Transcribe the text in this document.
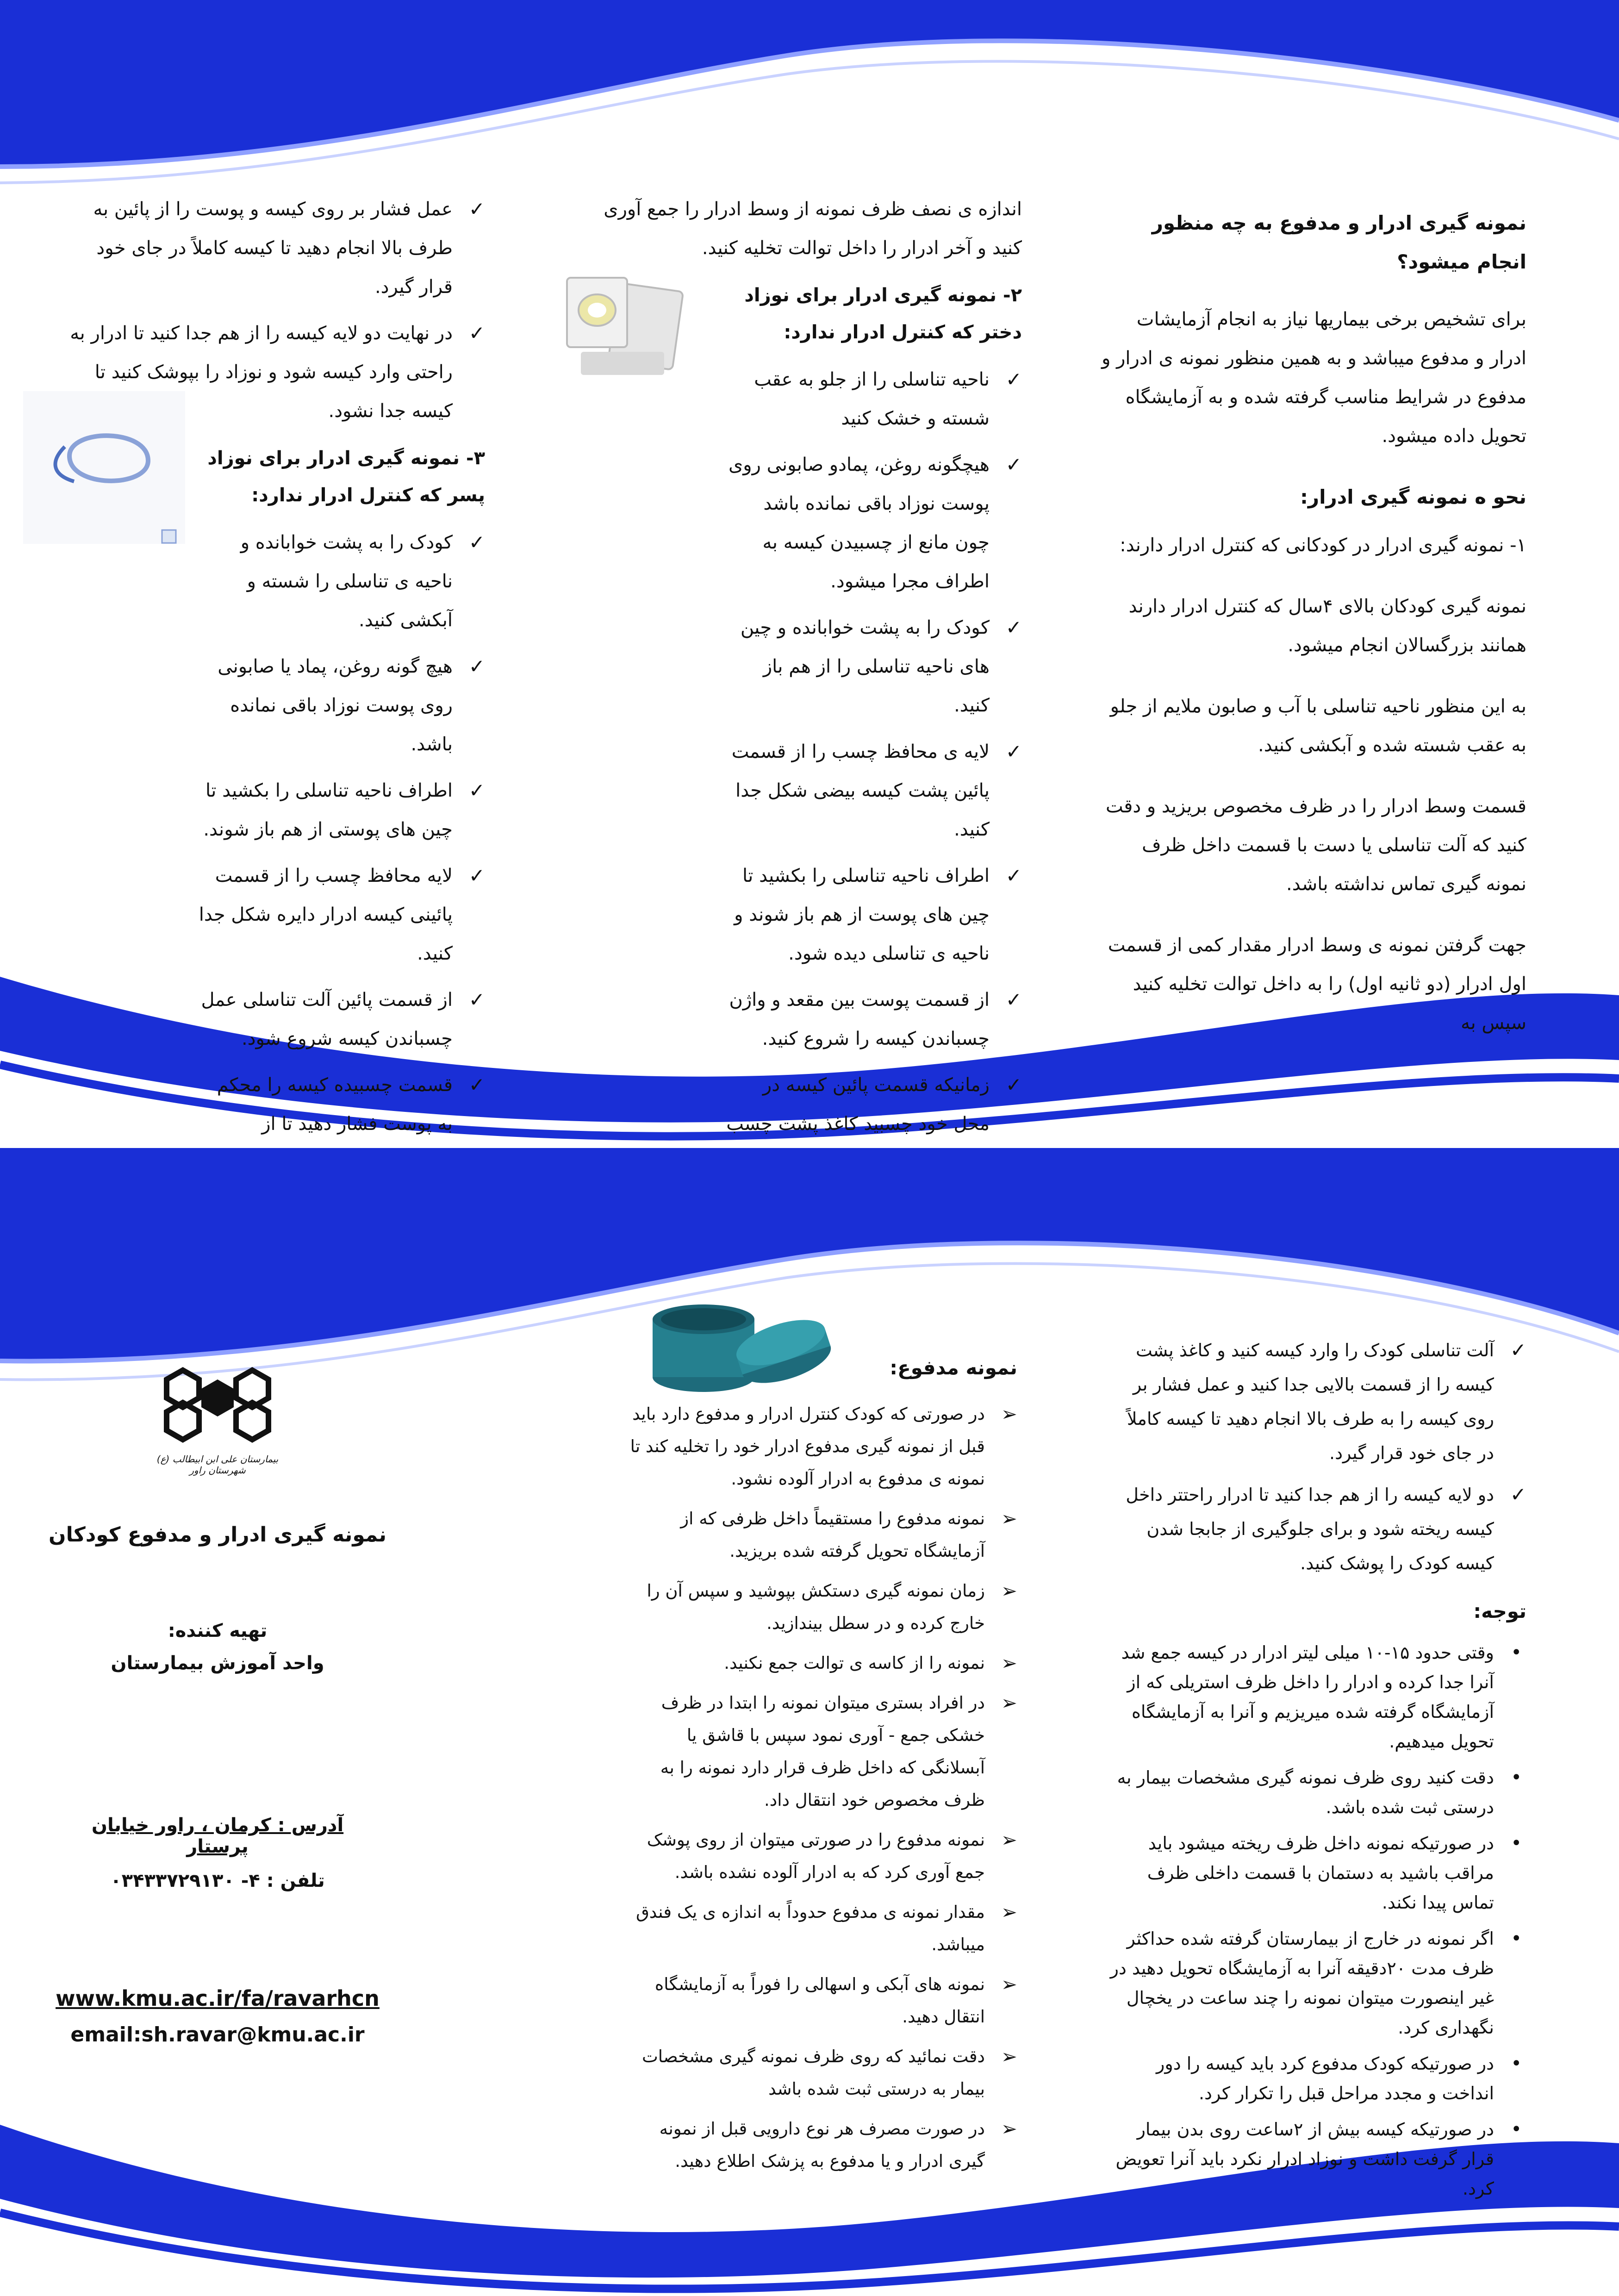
نمونه گیری ادرار و مدفوع به چه منظور انجام میشود؟

برای تشخیص برخی بیماریها نیاز به انجام آزمایشات ادرار و مدفوع میباشد و به همین منظور نمونه ی ادرار و مدفوع در شرایط مناسب گرفته شده و به آزمایشگاه تحویل داده میشود.

نحو ه نمونه گیری ادرار:

۱- نمونه گیری ادرار در کودکانی که کنترل ادرار دارند:

نمونه گیری کودکان بالای ۴سال که کنترل ادرار دارند همانند بزرگسالان انجام میشود.

به این منظور ناحیه تناسلی با آب و صابون ملایم از جلو به عقب شسته شده و آبکشی کنید.

قسمت وسط ادرار را در ظرف مخصوص بریزید و دقت کنید که آلت تناسلی یا دست با قسمت داخل ظرف نمونه گیری تماس نداشته باشد.

جهت گرفتن نمونه ی وسط ادرار مقدار کمی از قسمت اول ادرار (دو ثانیه اول) را به داخل توالت تخلیه کنید سپس به

اندازه ی نصف ظرف نمونه از وسط ادرار را جمع آوری کنید و آخر ادرار را داخل توالت تخلیه کنید.

۲- نمونه گیری ادرار برای نوزاد دختر که کنترل ادرار ندارد:
✓
ناحیه تناسلی را از جلو به عقب شسته و خشک کنید
✓
هیچگونه روغن، پمادو صابونی روی پوست نوزاد باقی نمانده باشد چون مانع از چسبیدن کیسه به اطراف مجرا میشود.
✓
کودک را به پشت خوابانده و چین های ناحیه تناسلی را از هم باز کنید.
✓
لایه ی محافظ چسب را از قسمت پائین پشت کیسه بیضی شکل جدا کنید.
✓
اطراف ناحیه تناسلی را بکشید تا چین های پوست از هم باز شوند و ناحیه ی تناسلی دیده شود.
✓
از قسمت پوست بین مقعد و واژن چسباندن کیسه را شروع کنید.
✓
زمانیکه قسمت پائین کیسه در محل خود چسبید کاغذ پشت چسب
✓
عمل فشار بر روی کیسه و پوست را از پائین به طرف بالا انجام دهید تا کیسه کاملاً در جای خود قرار گیرد.
✓
در نهایت دو لایه کیسه را از هم جدا کنید تا ادرار به راحتی وارد کیسه شود و نوزاد را بپوشک کنید تا کیسه جدا نشود.
۳- نمونه گیری ادرار برای نوزاد پسر که کنترل ادرار ندارد:
✓
کودک را به پشت خوابانده و ناحیه ی تناسلی را شسته و آبکشی کنید.
✓
هیچ گونه روغن، پماد یا صابونی روی پوست نوزاد باقی نمانده باشد.
✓
اطراف ناحیه تناسلی را بکشید تا چین های پوستی از هم باز شوند.
✓
لایه محافظ چسب را از قسمت پائینی کیسه ادرار دایره شکل جدا کنید.
✓
از قسمت پائین آلت تناسلی عمل چسباندن کیسه شروع شود.
✓
قسمت چسبیده کیسه را محکم به پوست فشار دهید تا از
✓
آلت تناسلی کودک را وارد کیسه کنید و کاغذ پشت کیسه را از قسمت بالایی جدا کنید و عمل فشار بر روی کیسه را به طرف بالا انجام دهید تا کیسه کاملاً در جای خود قرار گیرد.
✓
دو لایه کیسه را از هم جدا کنید تا ادرار راحتتر داخل کیسه ریخته شود و برای جلوگیری از جابجا شدن کیسه کودک را پوشک کنید.
توجه:
•
وقتی حدود ۱۵-۱۰ میلی لیتر ادرار در کیسه جمع شد آنرا جدا کرده و ادرار را داخل ظرف استریلی که از آزمایشگاه گرفته شده میریزیم و آنرا به آزمایشگاه تحویل میدهیم.
•
دقت کنید روی ظرف نمونه گیری مشخصات بیمار به درستی ثبت شده باشد.
•
در صورتیکه نمونه داخل ظرف ریخته میشود باید مراقب باشید به دستمان با قسمت داخلی ظرف تماس پیدا نکند.
•
اگر نمونه در خارج از بیمارستان گرفته شده حداکثر ظرف مدت ۲۰دقیقه آنرا به آزمایشگاه تحویل دهید در غیر اینصورت میتوان نمونه را چند ساعت در یخچال نگهداری کرد.
•
در صورتیکه کودک مدفوع کرد باید کیسه را دور انداخت و مجدد مراحل قبل را تکرار کرد.
•
در صورتیکه کیسه بیش از ۲ساعت روی بدن بیمار قرار گرفت داشت و نوزاد ادرار نکرد باید آنرا تعویض کرد.
نمونه مدفوع:
➢
در صورتی که کودک کنترل ادرار و مدفوع دارد باید قبل از نمونه گیری مدفوع ادرار خود را تخلیه کند تا نمونه ی مدفوع به ادرار آلوده نشود.
➢
نمونه مدفوع را مستقیماً داخل ظرفی که از آزمایشگاه تحویل گرفته شده بریزید.
➢
زمان نمونه گیری دستکش بپوشید و سپس آن را خارج کرده و در سطل بیندازید.
➢
نمونه را از کاسه ی توالت جمع نکنید.
➢
در افراد بستری میتوان نمونه را ابتدا در ظرف خشکی جمع - آوری نمود سپس با قاشق یا آبسلانگی که داخل ظرف قرار دارد نمونه را به ظرف مخصوص خود انتقال داد.
➢
نمونه مدفوع را در صورتی میتوان از روی پوشک جمع آوری کرد که به ادرار آلوده نشده باشد.
➢
مقدار نمونه ی مدفوع حدوداً به اندازه ی یک فندق میباشد.
➢
نمونه های آبکی و اسهالی را فوراً به آزمایشگاه انتقال دهید.
➢
دقت نمائید که روی ظرف نمونه گیری مشخصات بیمار به درستی ثبت شده باشد
➢
در صورت مصرف هر نوع دارویی قبل از نمونه گیری ادرار و یا مدفوع به پزشک اطلاع دهید.
بیمارستان علی ابن ابیطالب (ع) شهرستان راور
نمونه گیری ادرار و مدفوع کودکان
تهیه کننده:
واحد آموزش بیمارستان
آدرس : کرمان ، راور خیابان پرستار
تلفن : ۴- ۰۳۴۳۳۷۲۹۱۳۰
www.kmu.ac.ir/fa/ravarhcn
email:sh.ravar@kmu.ac.ir
